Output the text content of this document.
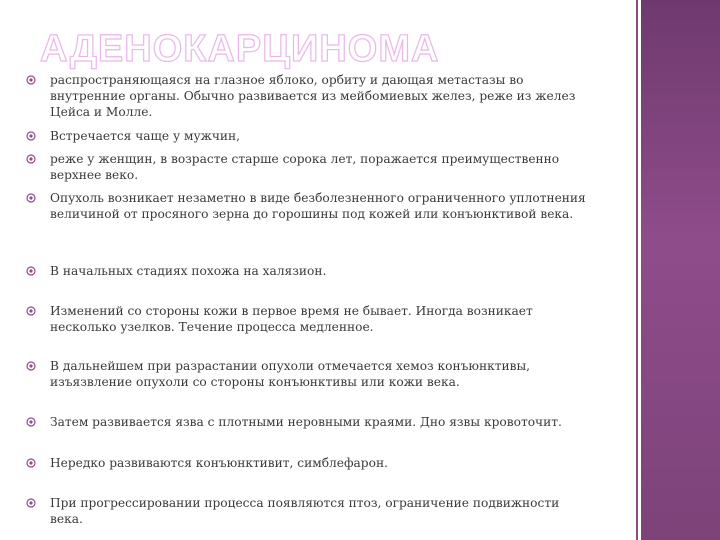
АДЕНОКАРЦИНОМА
распространяющаяся на глазное яблоко, орбиту и дающая метастазы во внутренние органы. Обычно развивается из мейбомиевых желез, реже из желез Цейса и Молле.
Встречается чаще у мужчин,
реже у женщин, в возрасте старше сорока лет, поражается преимущественно верхнее веко.
Опухоль возникает незаметно в виде безболезненного ограниченного уплотнения величиной от просяного зерна до горошины под кожей или конъюнктивой века.
В начальных стадиях похожа на халязион.
Изменений со стороны кожи в первое время не бывает. Иногда возникает несколько узелков. Течение процесса медленное.
В дальнейшем при разрастании опухоли отмечается хемоз конъюнктивы, изъязвление опухоли со стороны конъюнктивы или кожи века.
Затем развивается язва с плотными неровными краями. Дно язвы кровоточит.
Нередко развиваются конъюнктивит, симблефарон.
При прогрессировании процесса появляются птоз, ограничение подвижности века.
